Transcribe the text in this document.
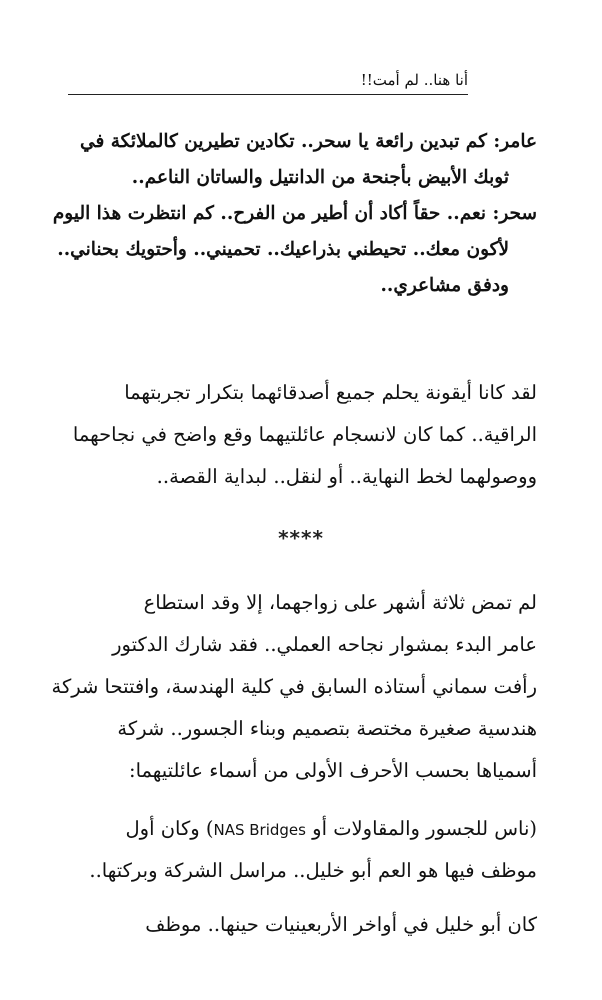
أنا هنا.. لم أمت!!
عامر: كم تبدين رائعة يا سحر.. تكادين تطيرين كالملائكة في
ثوبك الأبيض بأجنحة من الدانتيل والساتان الناعم..
سحر: نعم.. حقاً أكاد أن أطير من الفرح.. كم انتظرت هذا اليوم
لأكون معك.. تحيطني بذراعيك.. تحميني.. وأحتويك بحناني..
ودفق مشاعري..
لقد كانا أيقونة يحلم جميع أصدقائهما بتكرار تجربتهما
الراقية.. كما كان لانسجام عائلتيهما وقع واضح في نجاحهما
ووصولهما لخط النهاية.. أو لنقل.. لبداية القصة..
****
لم تمض ثلاثة أشهر على زواجهما، إلا وقد استطاع
عامر البدء بمشوار نجاحه العملي.. فقد شارك الدكتور
رأفت سماني أستاذه السابق في كلية الهندسة، وافتتحا شركة
هندسية صغيرة مختصة بتصميم وبناء الجسور.. شركة
أسمياها بحسب الأحرف الأولى من أسماء عائلتيهما:
(ناس للجسور والمقاولات أو NAS Bridges) وكان أول
موظف فيها هو العم أبو خليل.. مراسل الشركة وبركتها..
كان أبو خليل في أواخر الأربعينيات حينها.. موظف
